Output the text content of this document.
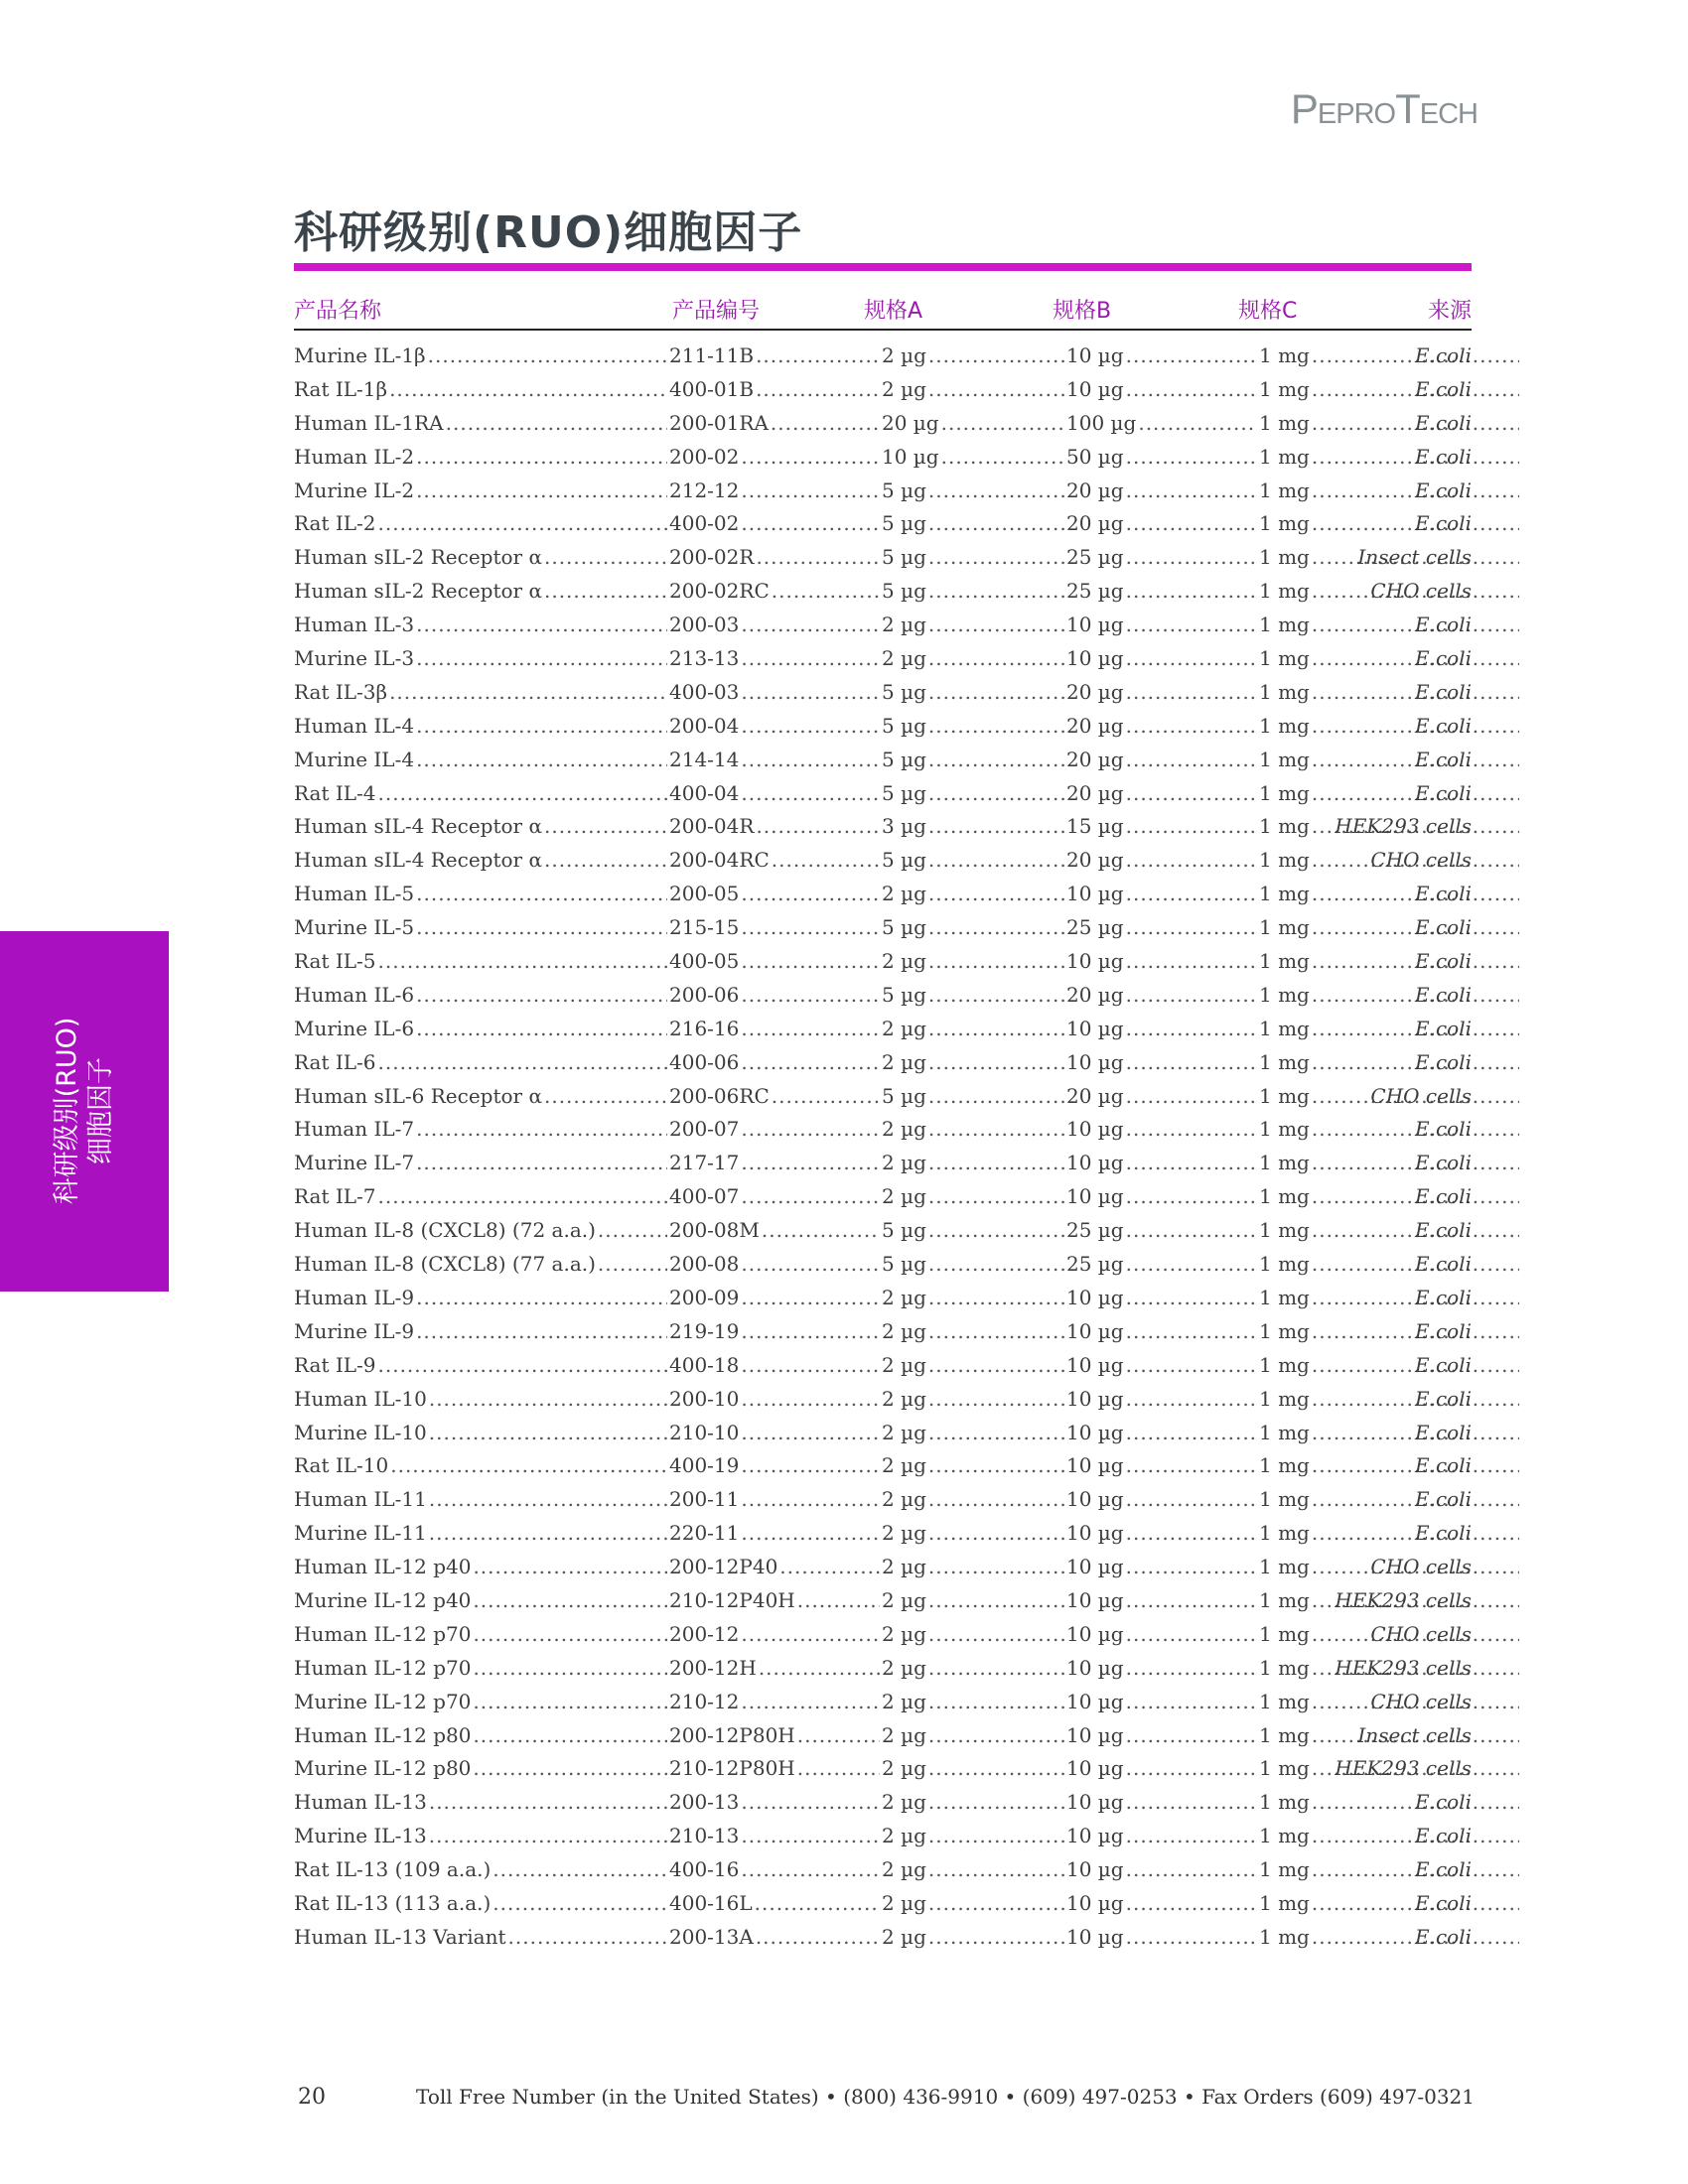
PeproTech
科研级别(RUO)细胞因子
科研级别(RUO) 细胞因子
产品名称	产品编号	规格A	规格B	规格C	来源
Murine IL-1β .....	211-11B .....	2 µg .....	10 µg .....	1 mg .....	E.coli
Rat IL-1β .....	400-01B .....	2 µg .....	10 µg .....	1 mg .....	E.coli
Human IL-1RA .....	200-01RA .....	20 µg .....	100 µg .....	1 mg .....	E.coli
Human IL-2 .....	200-02 .....	10 µg .....	50 µg .....	1 mg .....	E.coli
Murine IL-2 .....	212-12 .....	5 µg .....	20 µg .....	1 mg .....	E.coli
Rat IL-2 .....	400-02 .....	5 µg .....	20 µg .....	1 mg .....	E.coli
Human sIL-2 Receptor α .....	200-02R .....	5 µg .....	25 µg .....	1 mg ..... Insect cells
Human sIL-2 Receptor α .....	200-02RC .....	5 µg .....	25 µg .....	1 mg .....	CHO cells
Human IL-3 .....	200-03 .....	2 µg .....	10 µg .....	1 mg .....	E.coli
Murine IL-3 .....	213-13 .....	2 µg .....	10 µg .....	1 mg .....	E.coli
Rat IL-3β .....	400-03 .....	5 µg .....	20 µg .....	1 mg .....	E.coli
Human IL-4 .....	200-04 .....	5 µg .....	20 µg .....	1 mg .....	E.coli
Murine IL-4 .....	214-14 .....	5 µg .....	20 µg .....	1 mg .....	E.coli
Rat IL-4 .....	400-04 .....	5 µg .....	20 µg .....	1 mg .....	E.coli
Human sIL-4 Receptor α .....	200-04R .....	3 µg .....	15 µg .....	1 mg ..... HEK293 cells
Human sIL-4 Receptor α .....	200-04RC .....	5 µg .....	20 µg .....	1 mg .....	CHO cells
Human IL-5 .....	200-05 .....	2 µg .....	10 µg .....	1 mg .....	E.coli
Murine IL-5 .....	215-15 .....	5 µg .....	25 µg .....	1 mg .....	E.coli
Rat IL-5 .....	400-05 .....	2 µg .....	10 µg .....	1 mg .....	E.coli
Human IL-6 .....	200-06 .....	5 µg .....	20 µg .....	1 mg .....	E.coli
Murine IL-6 .....	216-16 .....	2 µg .....	10 µg .....	1 mg .....	E.coli
Rat IL-6 .....	400-06 .....	2 µg .....	10 µg .....	1 mg .....	E.coli
Human sIL-6 Receptor α .....	200-06RC .....	5 µg .....	20 µg .....	1 mg .....	CHO cells
Human IL-7 .....	200-07 .....	2 µg .....	10 µg .....	1 mg .....	E.coli
Murine IL-7 .....	217-17 .....	2 µg .....	10 µg .....	1 mg .....	E.coli
Rat IL-7 .....	400-07 .....	2 µg .....	10 µg .....	1 mg .....	E.coli
Human IL-8 (CXCL8) (72 a.a.) .....	200-08M .....	5 µg .....	25 µg .....	1 mg .....	E.coli
Human IL-8 (CXCL8) (77 a.a.) .....	200-08 .....	5 µg .....	25 µg .....	1 mg .....	E.coli
Human IL-9 .....	200-09 .....	2 µg .....	10 µg .....	1 mg .....	E.coli
Murine IL-9 .....	219-19 .....	2 µg .....	10 µg .....	1 mg .....	E.coli
Rat IL-9 .....	400-18 .....	2 µg .....	10 µg .....	1 mg .....	E.coli
Human IL-10 .....	200-10 .....	2 µg .....	10 µg .....	1 mg .....	E.coli
Murine IL-10 .....	210-10 .....	2 µg .....	10 µg .....	1 mg .....	E.coli
Rat IL-10 .....	400-19 .....	2 µg .....	10 µg .....	1 mg .....	E.coli
Human IL-11 .....	200-11 .....	2 µg .....	10 µg .....	1 mg .....	E.coli
Murine IL-11 .....	220-11 .....	2 µg .....	10 µg .....	1 mg .....	E.coli
Human IL-12 p40 .....	200-12P40 .....	2 µg .....	10 µg .....	1 mg .....	CHO cells
Murine IL-12 p40 .....	210-12P40H .....	2 µg .....	10 µg .....	1 mg ..... HEK293 cells
Human IL-12 p70 .....	200-12 .....	2 µg .....	10 µg .....	1 mg .....	CHO cells
Human IL-12 p70 .....	200-12H .....	2 µg .....	10 µg .....	1 mg ..... HEK293 cells
Murine IL-12 p70 .....	210-12 .....	2 µg .....	10 µg .....	1 mg .....	CHO cells
Human IL-12 p80 .....	200-12P80H .....	2 µg .....	10 µg .....	1 mg ..... Insect cells
Murine IL-12 p80 .....	210-12P80H .....	2 µg .....	10 µg .....	1 mg ..... HEK293 cells
Human IL-13 .....	200-13 .....	2 µg .....	10 µg .....	1 mg .....	E.coli
Murine IL-13 .....	210-13 .....	2 µg .....	10 µg .....	1 mg .....	E.coli
Rat IL-13 (109 a.a.) .....	400-16 .....	2 µg .....	10 µg .....	1 mg .....	E.coli
Rat IL-13 (113 a.a.) .....	400-16L .....	2 µg .....	10 µg .....	1 mg .....	E.coli
Human IL-13 Variant .....	200-13A .....	2 µg .....	10 µg .....	1 mg .....	E.coli
20	Toll Free Number (in the United States) • (800) 436-9910 • (609) 497-0253 • Fax Orders (609) 497-0321
